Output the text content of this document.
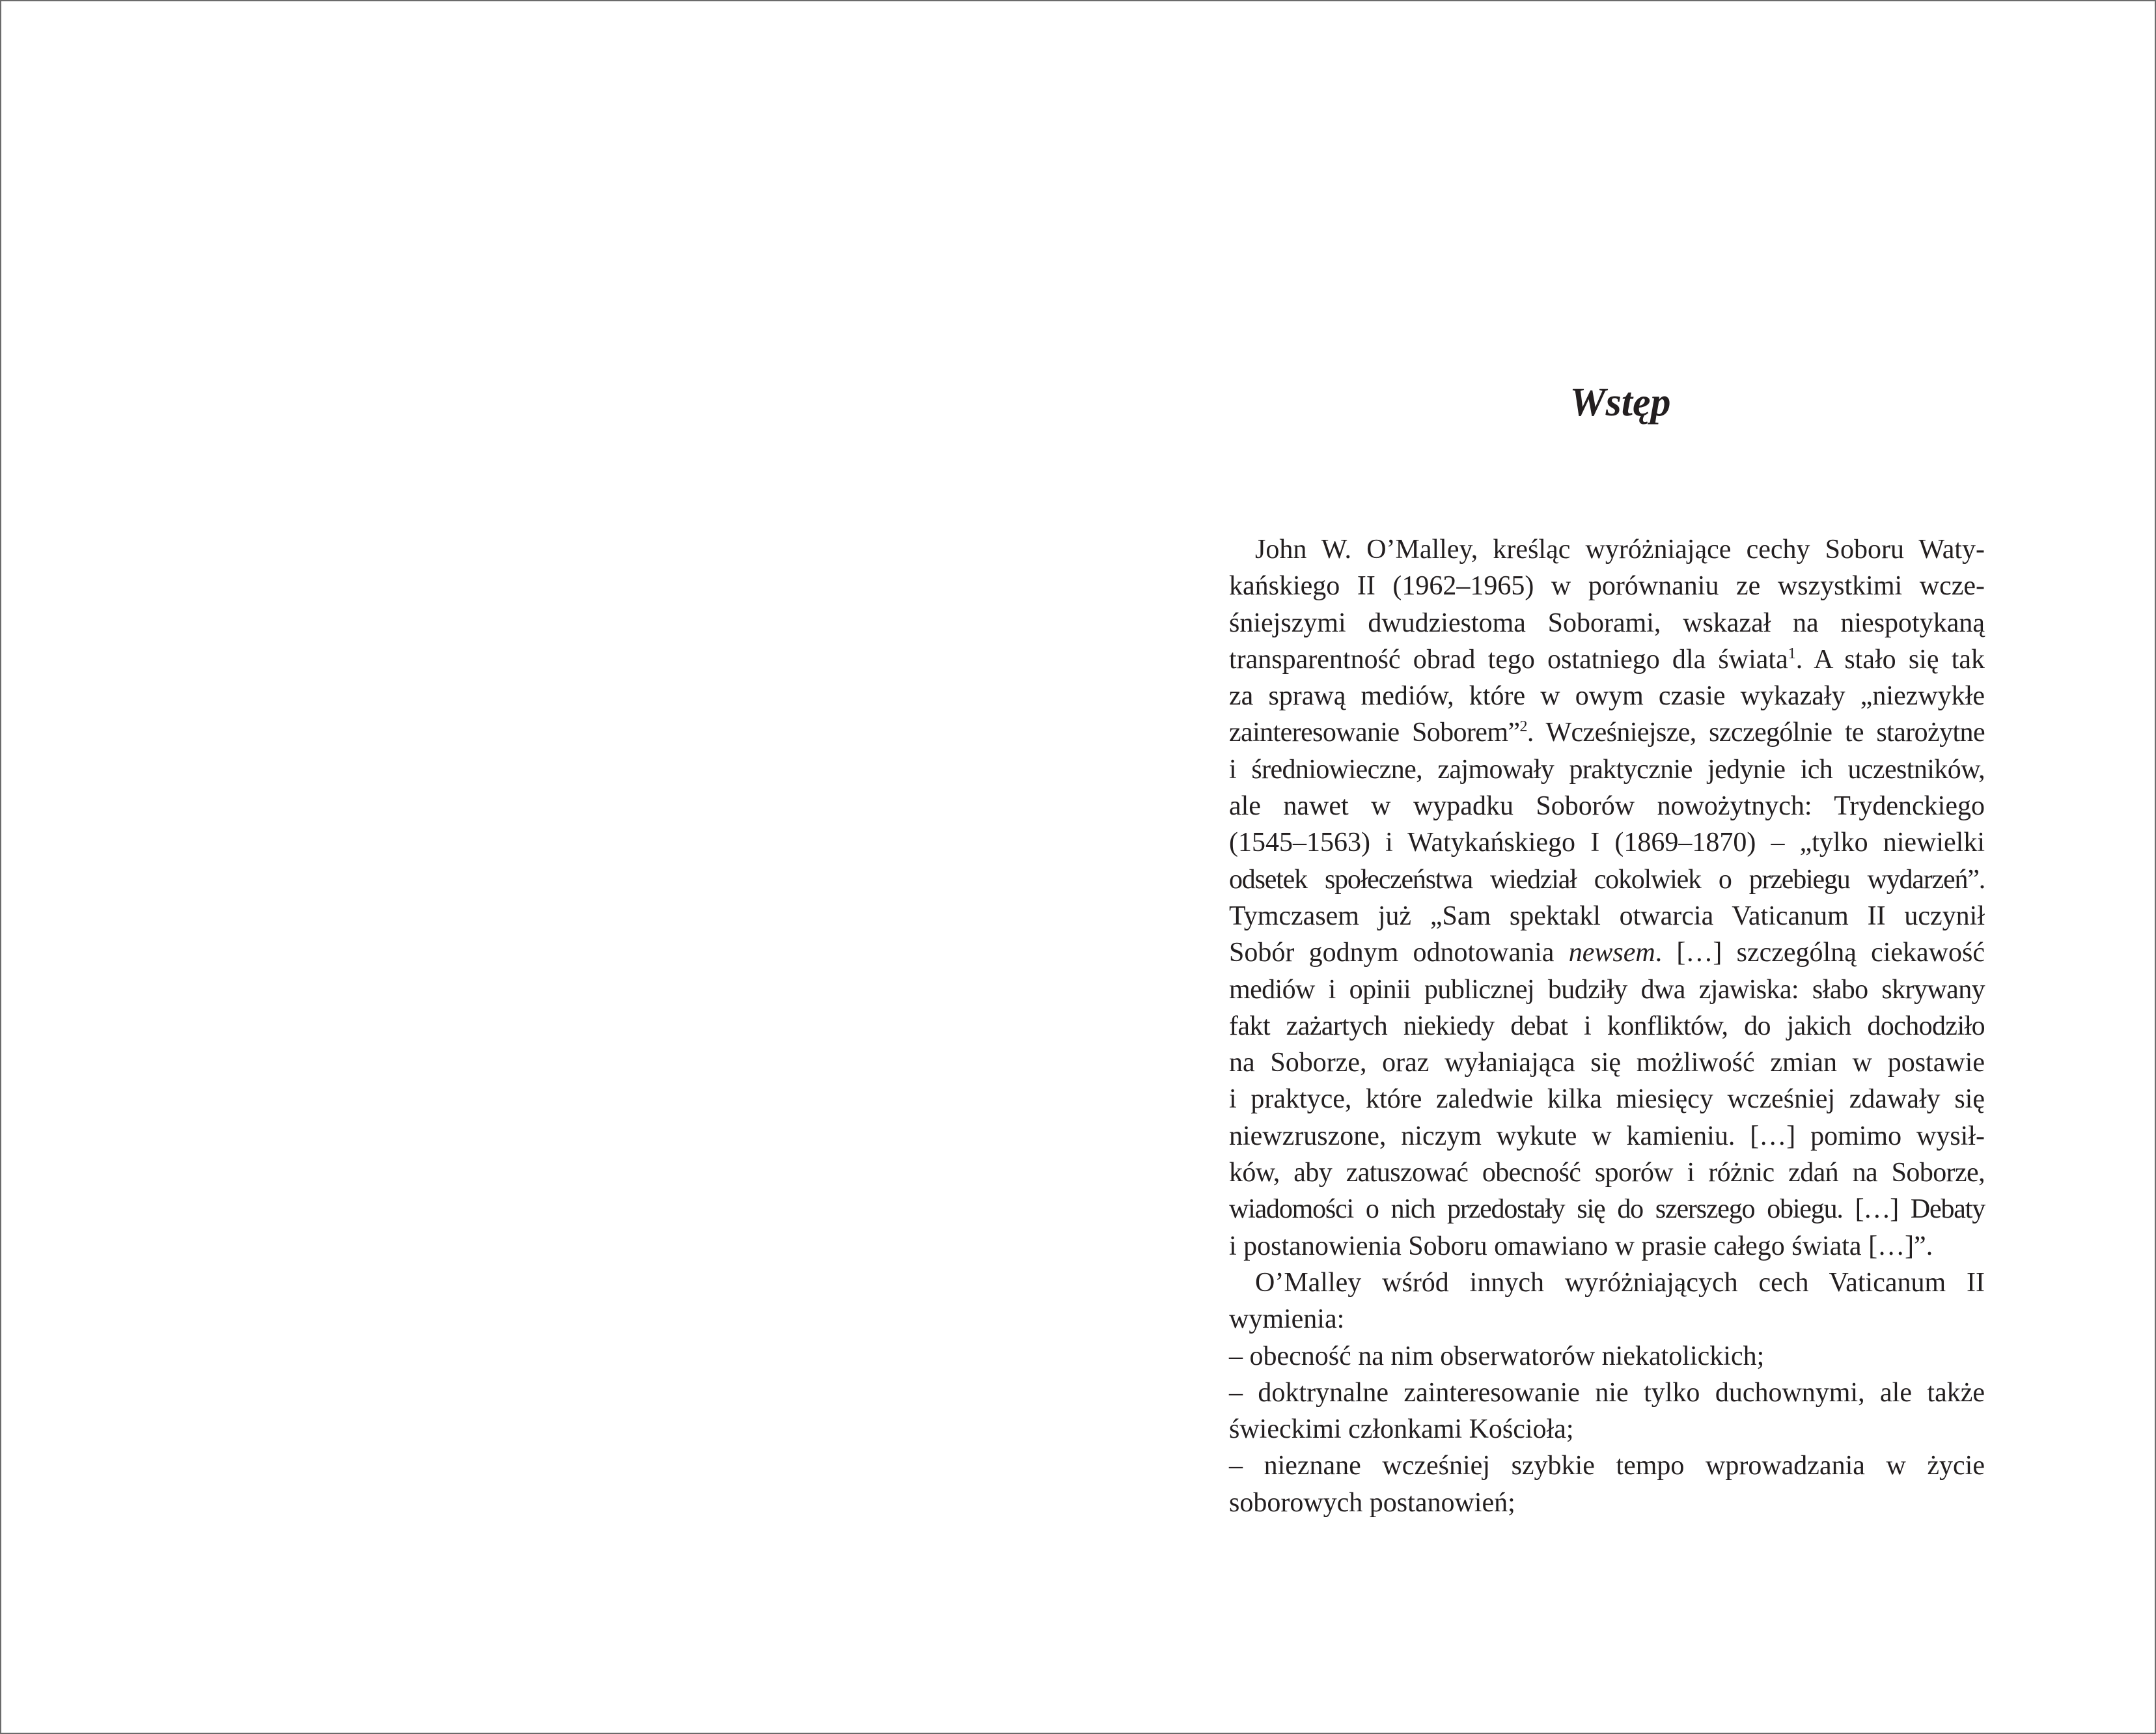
Wstęp
John W. O’Malley, kreśląc wyróżniające cechy Soboru Waty-
kańskiego II (1962–1965) w porównaniu ze wszystkimi wcze-
śniejszymi dwudziestoma Soborami, wskazał na niespotykaną
transparentność obrad tego ostatniego dla świata$^1$. A stało się tak
za sprawą mediów, które w owym czasie wykazały „niezwykłe
zainteresowanie Soborem”$^2$. Wcześniejsze, szczególnie te starożytne
i średniowieczne, zajmowały praktycznie jedynie ich uczestników,
ale nawet w wypadku Soborów nowożytnych: Trydenckiego
(1545–1563) i Watykańskiego I (1869–1870) – „tylko niewielki
odsetek społeczeństwa wiedział cokolwiek o przebiegu wydarzeń”.
Tymczasem już „Sam spektakl otwarcia Vaticanum II uczynił
Sobór godnym odnotowania newsem. […] szczególną ciekawość
mediów i opinii publicznej budziły dwa zjawiska: słabo skrywany
fakt zażartych niekiedy debat i konfliktów, do jakich dochodziło
na Soborze, oraz wyłaniająca się możliwość zmian w postawie
i praktyce, które zaledwie kilka miesięcy wcześniej zdawały się
niewzruszone, niczym wykute w kamieniu. […] pomimo wysił-
ków, aby zatuszować obecność sporów i różnic zdań na Soborze,
wiadomości o nich przedostały się do szerszego obiegu. […] Debaty
i postanowienia Soboru omawiano w prasie całego świata […]”.
O’Malley wśród innych wyróżniających cech Vaticanum II
wymienia:
– obecność na nim obserwatorów niekatolickich;
– doktrynalne zainteresowanie nie tylko duchownymi, ale także
świeckimi członkami Kościoła;
– nieznane wcześniej szybkie tempo wprowadzania w życie
soborowych postanowień;
